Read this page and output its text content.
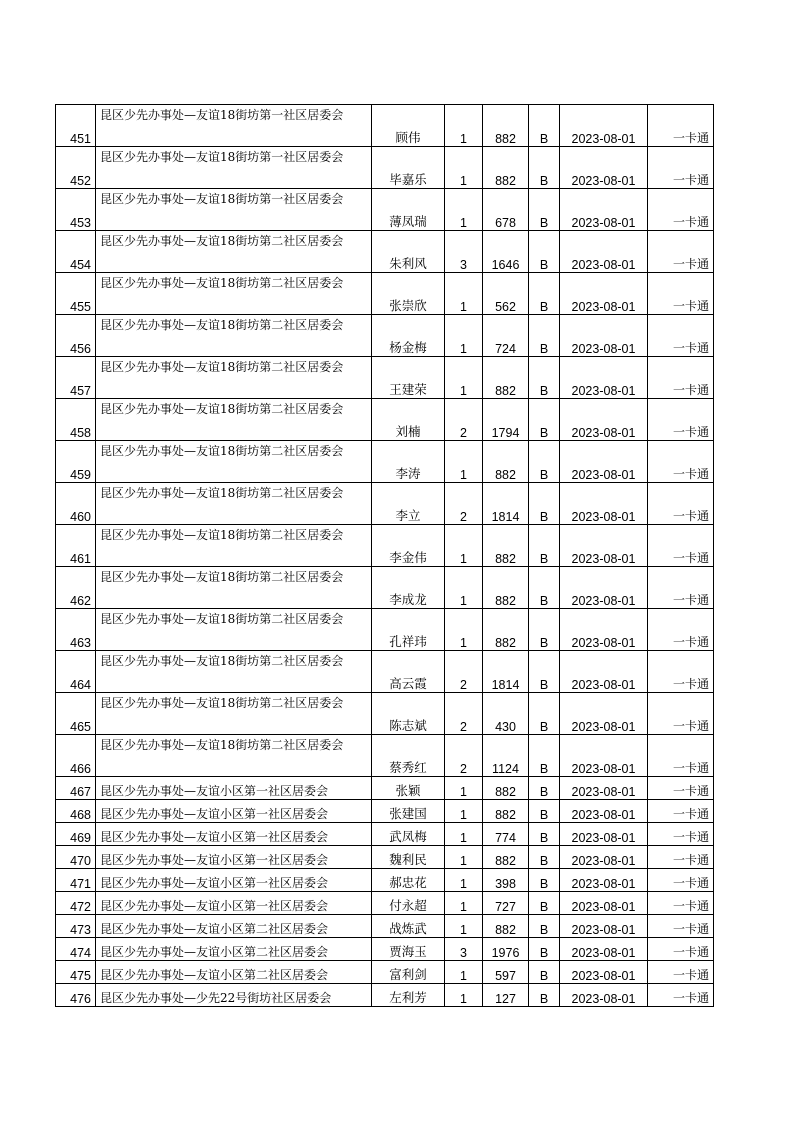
451	昆区少先办事处—友谊18街坊第一社区居委会	顾伟	1	882	B	2023-08-01	一卡通
452	昆区少先办事处—友谊18街坊第一社区居委会	毕嘉乐	1	882	B	2023-08-01	一卡通
453	昆区少先办事处—友谊18街坊第一社区居委会	薄凤瑞	1	678	B	2023-08-01	一卡通
454	昆区少先办事处—友谊18街坊第二社区居委会	朱利风	3	1646	B	2023-08-01	一卡通
455	昆区少先办事处—友谊18街坊第二社区居委会	张崇欣	1	562	B	2023-08-01	一卡通
456	昆区少先办事处—友谊18街坊第二社区居委会	杨金梅	1	724	B	2023-08-01	一卡通
457	昆区少先办事处—友谊18街坊第二社区居委会	王建荣	1	882	B	2023-08-01	一卡通
458	昆区少先办事处—友谊18街坊第二社区居委会	刘楠	2	1794	B	2023-08-01	一卡通
459	昆区少先办事处—友谊18街坊第二社区居委会	李涛	1	882	B	2023-08-01	一卡通
460	昆区少先办事处—友谊18街坊第二社区居委会	李立	2	1814	B	2023-08-01	一卡通
461	昆区少先办事处—友谊18街坊第二社区居委会	李金伟	1	882	B	2023-08-01	一卡通
462	昆区少先办事处—友谊18街坊第二社区居委会	李成龙	1	882	B	2023-08-01	一卡通
463	昆区少先办事处—友谊18街坊第二社区居委会	孔祥玮	1	882	B	2023-08-01	一卡通
464	昆区少先办事处—友谊18街坊第二社区居委会	高云霞	2	1814	B	2023-08-01	一卡通
465	昆区少先办事处—友谊18街坊第二社区居委会	陈志斌	2	430	B	2023-08-01	一卡通
466	昆区少先办事处—友谊18街坊第二社区居委会	蔡秀红	2	1124	B	2023-08-01	一卡通
467	昆区少先办事处—友谊小区第一社区居委会	张颖	1	882	B	2023-08-01	一卡通
468	昆区少先办事处—友谊小区第一社区居委会	张建国	1	882	B	2023-08-01	一卡通
469	昆区少先办事处—友谊小区第一社区居委会	武凤梅	1	774	B	2023-08-01	一卡通
470	昆区少先办事处—友谊小区第一社区居委会	魏利民	1	882	B	2023-08-01	一卡通
471	昆区少先办事处—友谊小区第一社区居委会	郝忠花	1	398	B	2023-08-01	一卡通
472	昆区少先办事处—友谊小区第一社区居委会	付永超	1	727	B	2023-08-01	一卡通
473	昆区少先办事处—友谊小区第二社区居委会	战炼武	1	882	B	2023-08-01	一卡通
474	昆区少先办事处—友谊小区第二社区居委会	贾海玉	3	1976	B	2023-08-01	一卡通
475	昆区少先办事处—友谊小区第二社区居委会	富利剑	1	597	B	2023-08-01	一卡通
476	昆区少先办事处—少先22号街坊社区居委会	左利芳	1	127	B	2023-08-01	一卡通
